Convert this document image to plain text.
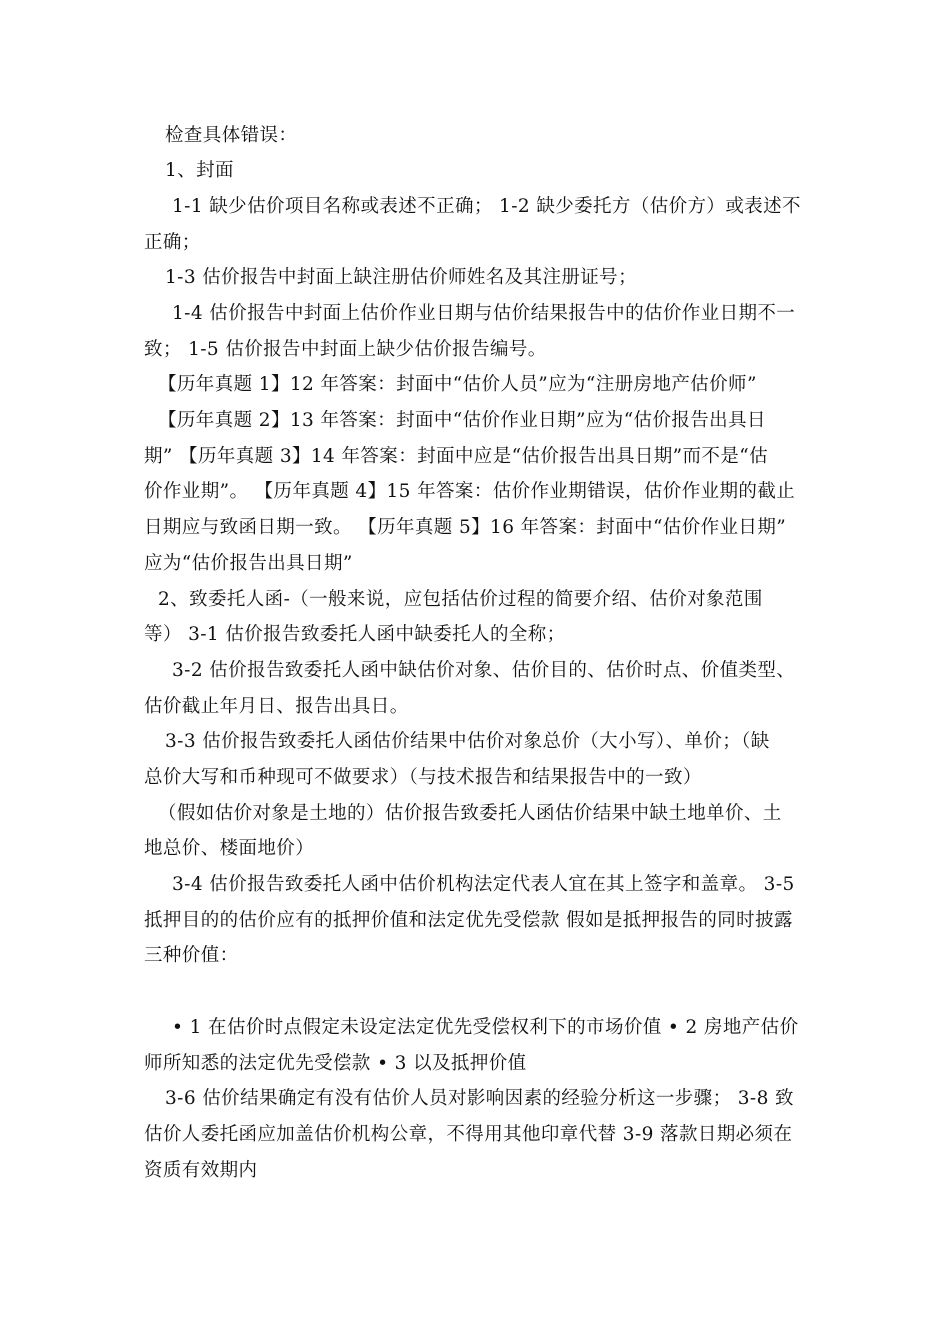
检查具体错误：
1、封面
1-1 缺少估价项目名称或表述不正确； 1-2 缺少委托方（估价方）或表述不
正确；
1-3 估价报告中封面上缺注册估价师姓名及其注册证号；
1-4 估价报告中封面上估价作业日期与估价结果报告中的估价作业日期不一
致； 1-5 估价报告中封面上缺少估价报告编号。
【历年真题 1】12 年答案：封面中“估价人员”应为“注册房地产估价师”
【历年真题 2】13 年答案：封面中“估价作业日期”应为“估价报告出具日
期” 【历年真题 3】14 年答案：封面中应是“估价报告出具日期”而不是“估
价作业期”。 【历年真题 4】15 年答案：估价作业期错误，估价作业期的截止
日期应与致函日期一致。 【历年真题 5】16 年答案：封面中“估价作业日期”
应为“估价报告出具日期”
2、致委托人函-（一般来说，应包括估价过程的简要介绍、估价对象范围
等） 3-1 估价报告致委托人函中缺委托人的全称；
3-2 估价报告致委托人函中缺估价对象、估价目的、估价时点、价值类型、
估价截止年月日、报告出具日。
3-3 估价报告致委托人函估价结果中估价对象总价（大小写）、单价；（缺
总价大写和币种现可不做要求）（与技术报告和结果报告中的一致）
（假如估价对象是土地的）估价报告致委托人函估价结果中缺土地单价、土
地总价、楼面地价）
3-4 估价报告致委托人函中估价机构法定代表人宜在其上签字和盖章。 3-5
抵押目的的估价应有的抵押价值和法定优先受偿款 假如是抵押报告的同时披露
三种价值：
• 1 在估价时点假定未设定法定优先受偿权利下的市场价值 • 2 房地产估价
师所知悉的法定优先受偿款 • 3 以及抵押价值
3-6 估价结果确定有没有估价人员对影响因素的经验分析这一步骤； 3-8 致
估价人委托函应加盖估价机构公章，不得用其他印章代替 3-9 落款日期必须在
资质有效期内
